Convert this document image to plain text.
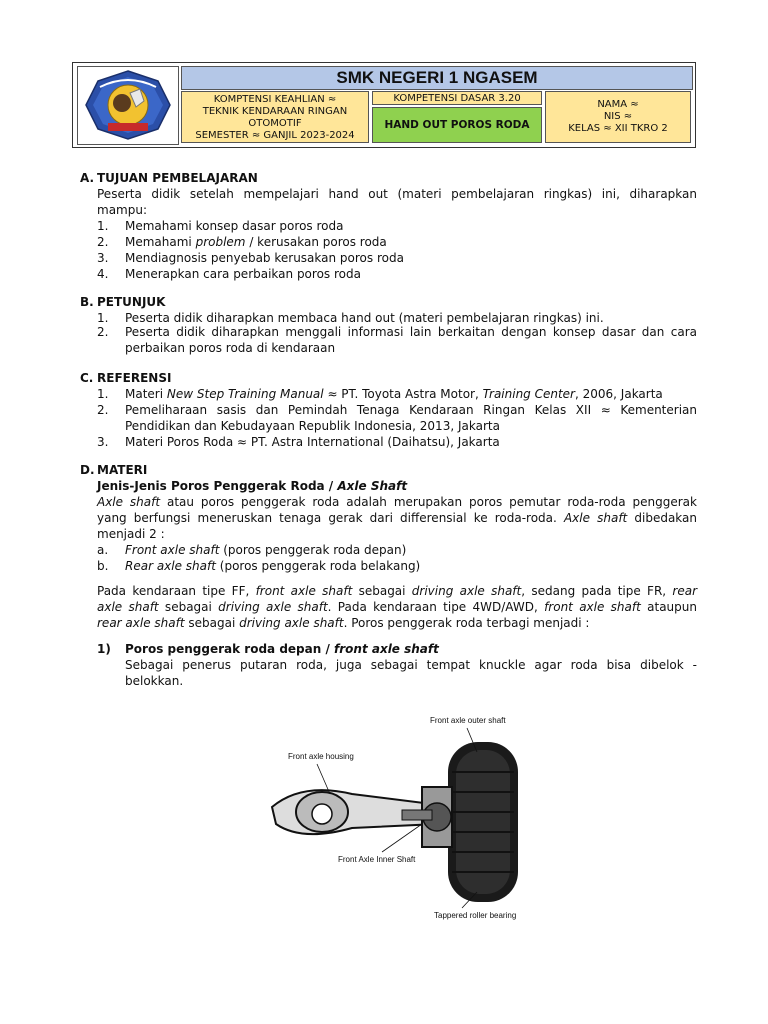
SMK NEGERI 1 NGASEM
KOMPTENSI KEAHLIAN ≈
TEKNIK KENDARAAN RINGAN
OTOMOTIF
SEMESTER ≈ GANJIL 2023-2024
KOMPETENSI DASAR 3.20
HAND OUT POROS RODA
NAMA ≈
NIS ≈
KELAS ≈ XII TKRO 2
A. TUJUAN PEMBELAJARAN
Peserta didik setelah mempelajari hand out (materi pembelajaran ringkas) ini, diharapkan
mampu:
1. Memahami konsep dasar poros roda
2. Memahami problem / kerusakan poros roda
3. Mendiagnosis penyebab kerusakan poros roda
4. Menerapkan cara perbaikan poros roda
B. PETUNJUK
1. Peserta didik diharapkan membaca hand out (materi pembelajaran ringkas) ini.
2. Peserta didik diharapkan menggali informasi lain berkaitan dengan konsep dasar dan cara
perbaikan poros roda di kendaraan
C. REFERENSI
1. Materi New Step Training Manual ≈ PT. Toyota Astra Motor, Training Center, 2006, Jakarta
2. Pemeliharaan sasis dan Pemindah Tenaga Kendaraan Ringan Kelas XII ≈ Kementerian
Pendidikan dan Kebudayaan Republik Indonesia, 2013, Jakarta
3. Materi Poros Roda ≈ PT. Astra International (Daihatsu), Jakarta
D. MATERI
Jenis-Jenis Poros Penggerak Roda / Axle Shaft
Axle shaft atau poros penggerak roda adalah merupakan poros pemutar roda-roda penggerak
yang berfungsi meneruskan tenaga gerak dari differensial ke roda-roda. Axle shaft dibedakan
menjadi 2 :
a. Front axle shaft (poros penggerak roda depan)
b. Rear axle shaft (poros penggerak roda belakang)
Pada kendaraan tipe FF, front axle shaft sebagai driving axle shaft, sedang pada tipe FR, rear
axle shaft sebagai driving axle shaft. Pada kendaraan tipe 4WD/AWD, front axle shaft ataupun
rear axle shaft sebagai driving axle shaft. Poros penggerak roda terbagi menjadi :
1) Poros penggerak roda depan / front axle shaft
Sebagai penerus putaran roda, juga sebagai tempat knuckle agar roda bisa dibelok -
belokkan.
Front axle outer shaft
Front axle housing
Front Axle Inner Shaft
Tappered roller bearing
